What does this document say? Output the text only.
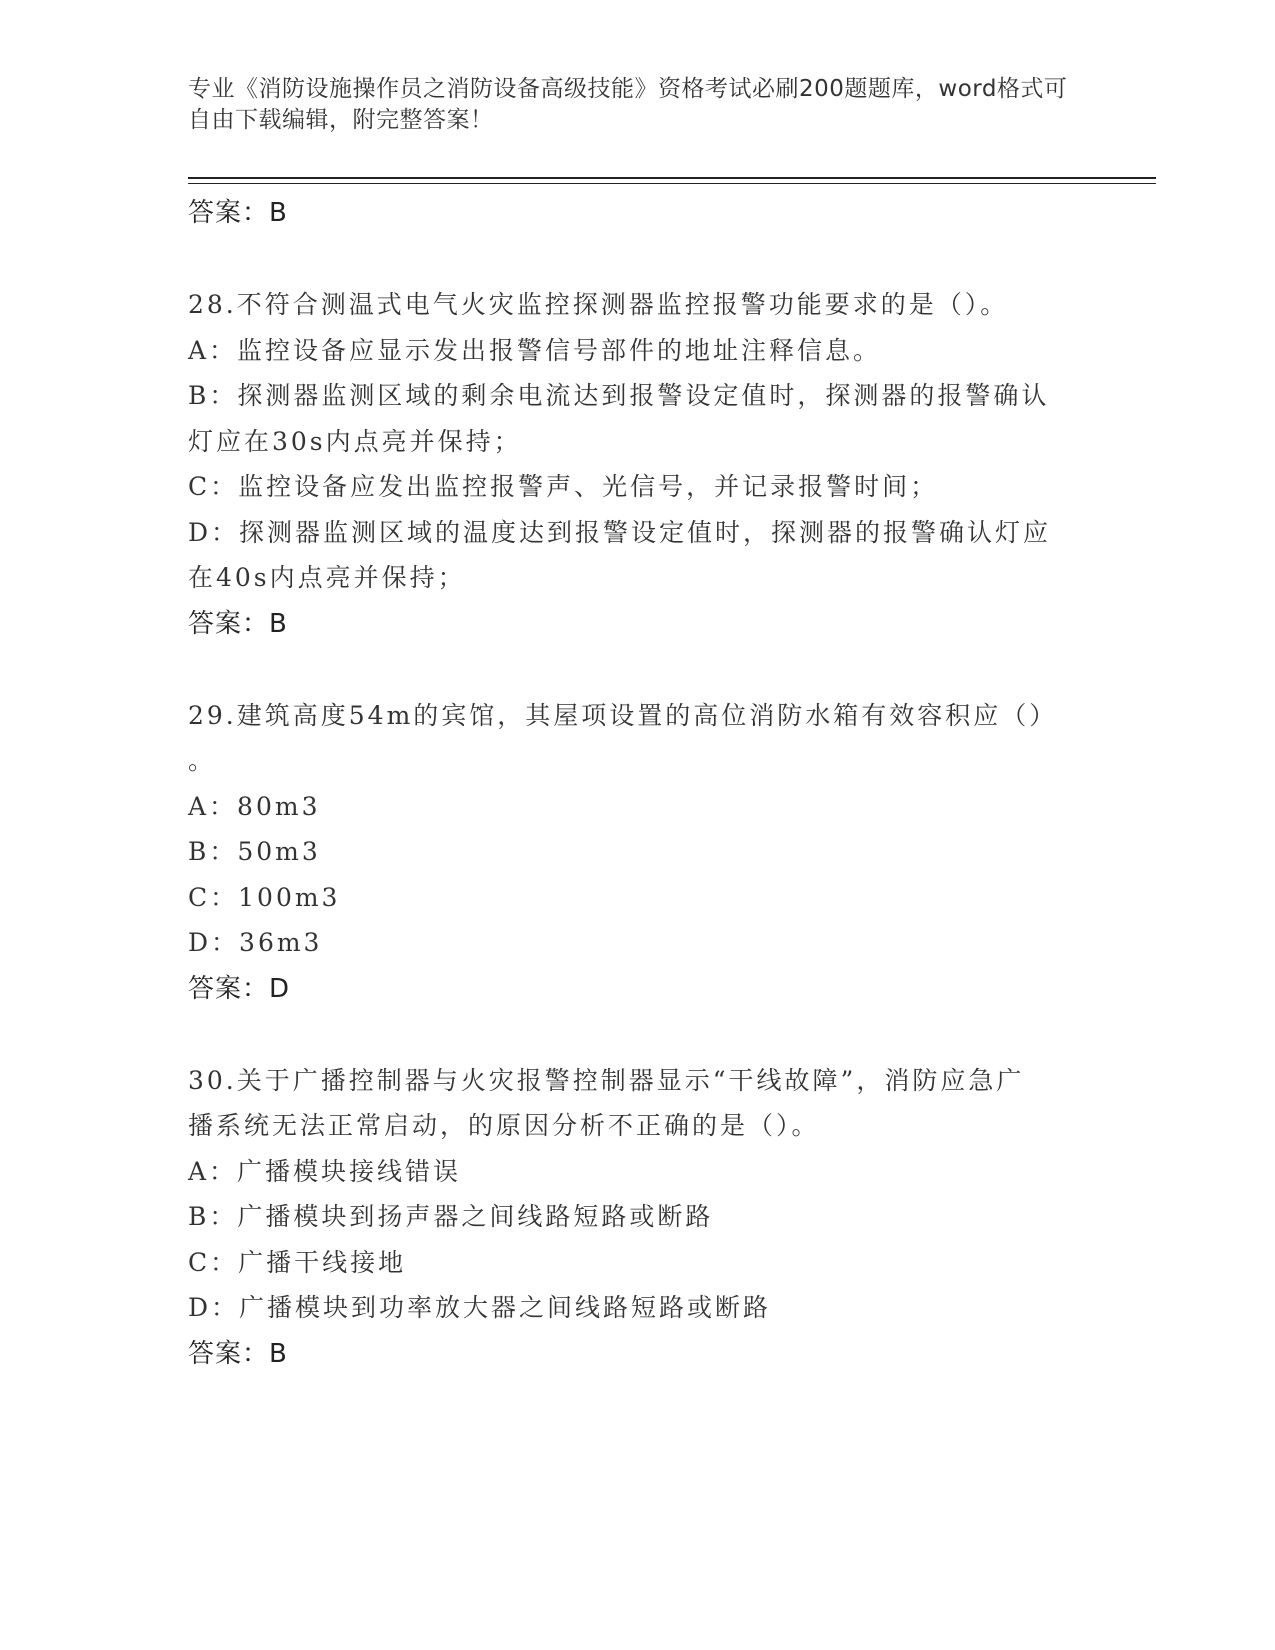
专业《消防设施操作员之消防设备高级技能》资格考试必刷200题题库，word格式可自由下载编辑，附完整答案！
答案：B
28.不符合测温式电气火灾监控探测器监控报警功能要求的是（）。
A：监控设备应显示发出报警信号部件的地址注释信息。
B：探测器监测区域的剩余电流达到报警设定值时，探测器的报警确认
灯应在30s内点亮并保持；
C：监控设备应发出监控报警声、光信号，并记录报警时间；
D：探测器监测区域的温度达到报警设定值时，探测器的报警确认灯应
在40s内点亮并保持；
答案：B
29.建筑高度54m的宾馆，其屋项设置的高位消防水箱有效容积应（）
。
A：80m3
B：50m3
C：100m3
D：36m3
答案：D
30.关于广播控制器与火灾报警控制器显示“干线故障”，消防应急广
播系统无法正常启动，的原因分析不正确的是（）。
A：广播模块接线错误
B：广播模块到扬声器之间线路短路或断路
C：广播干线接地
D：广播模块到功率放大器之间线路短路或断路
答案：B
